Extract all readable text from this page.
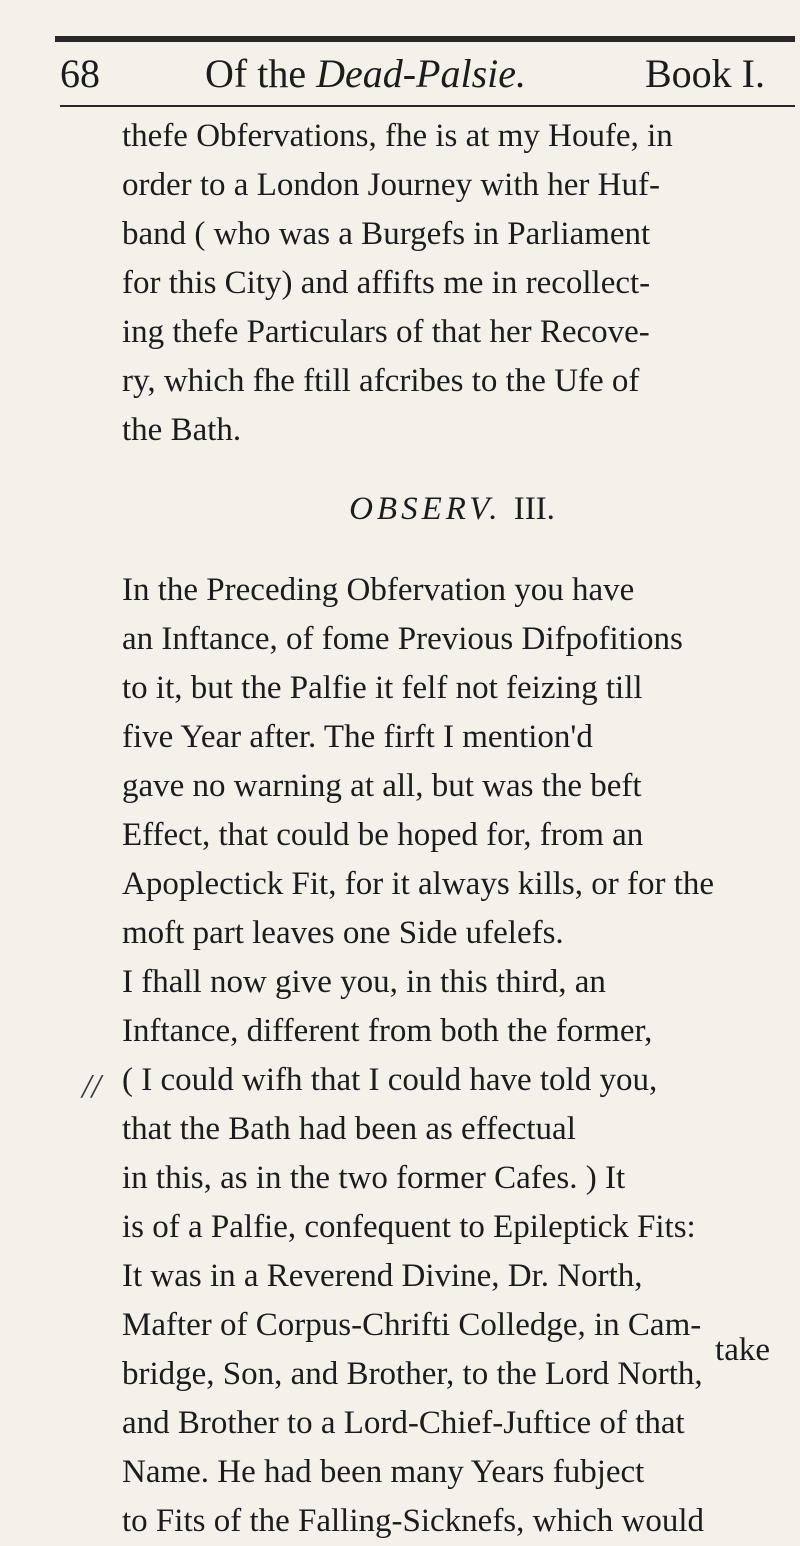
68	Of the Dead-Palsie.	Book I.
//
thefe Obfervations, fhe is at my Houfe, in
order to a London Journey with her Huf-
band ( who was a Burgefs in Parliament
for this City) and affifts me in recollect-
ing thefe Particulars of that her Recove-
ry, which fhe ftill afcribes to the Ufe of
the Bath.
OBSERV. III.
In the Preceding Obfervation you have
an Inftance, of fome Previous Difpofitions
to it, but the Palfie it felf not feizing till
five Year after. The firft I mention'd
gave no warning at all, but was the beft
Effect, that could be hoped for, from an
Apoplectick Fit, for it always kills, or for the
moft part leaves one Side ufelefs.
I fhall now give you, in this third, an
Inftance, different from both the former,
( I could wifh that I could have told you,
that the Bath had been as effectual
in this, as in the two former Cafes. ) It
is of a Palfie, confequent to Epileptick Fits:
It was in a Reverend Divine, Dr. North,
Mafter of Corpus-Chrifti Colledge, in Cam-
bridge, Son, and Brother, to the Lord North,
and Brother to a Lord-Chief-Juftice of that
Name. He had been many Years fubject
to Fits of the Falling-Sicknefs, which would
take
